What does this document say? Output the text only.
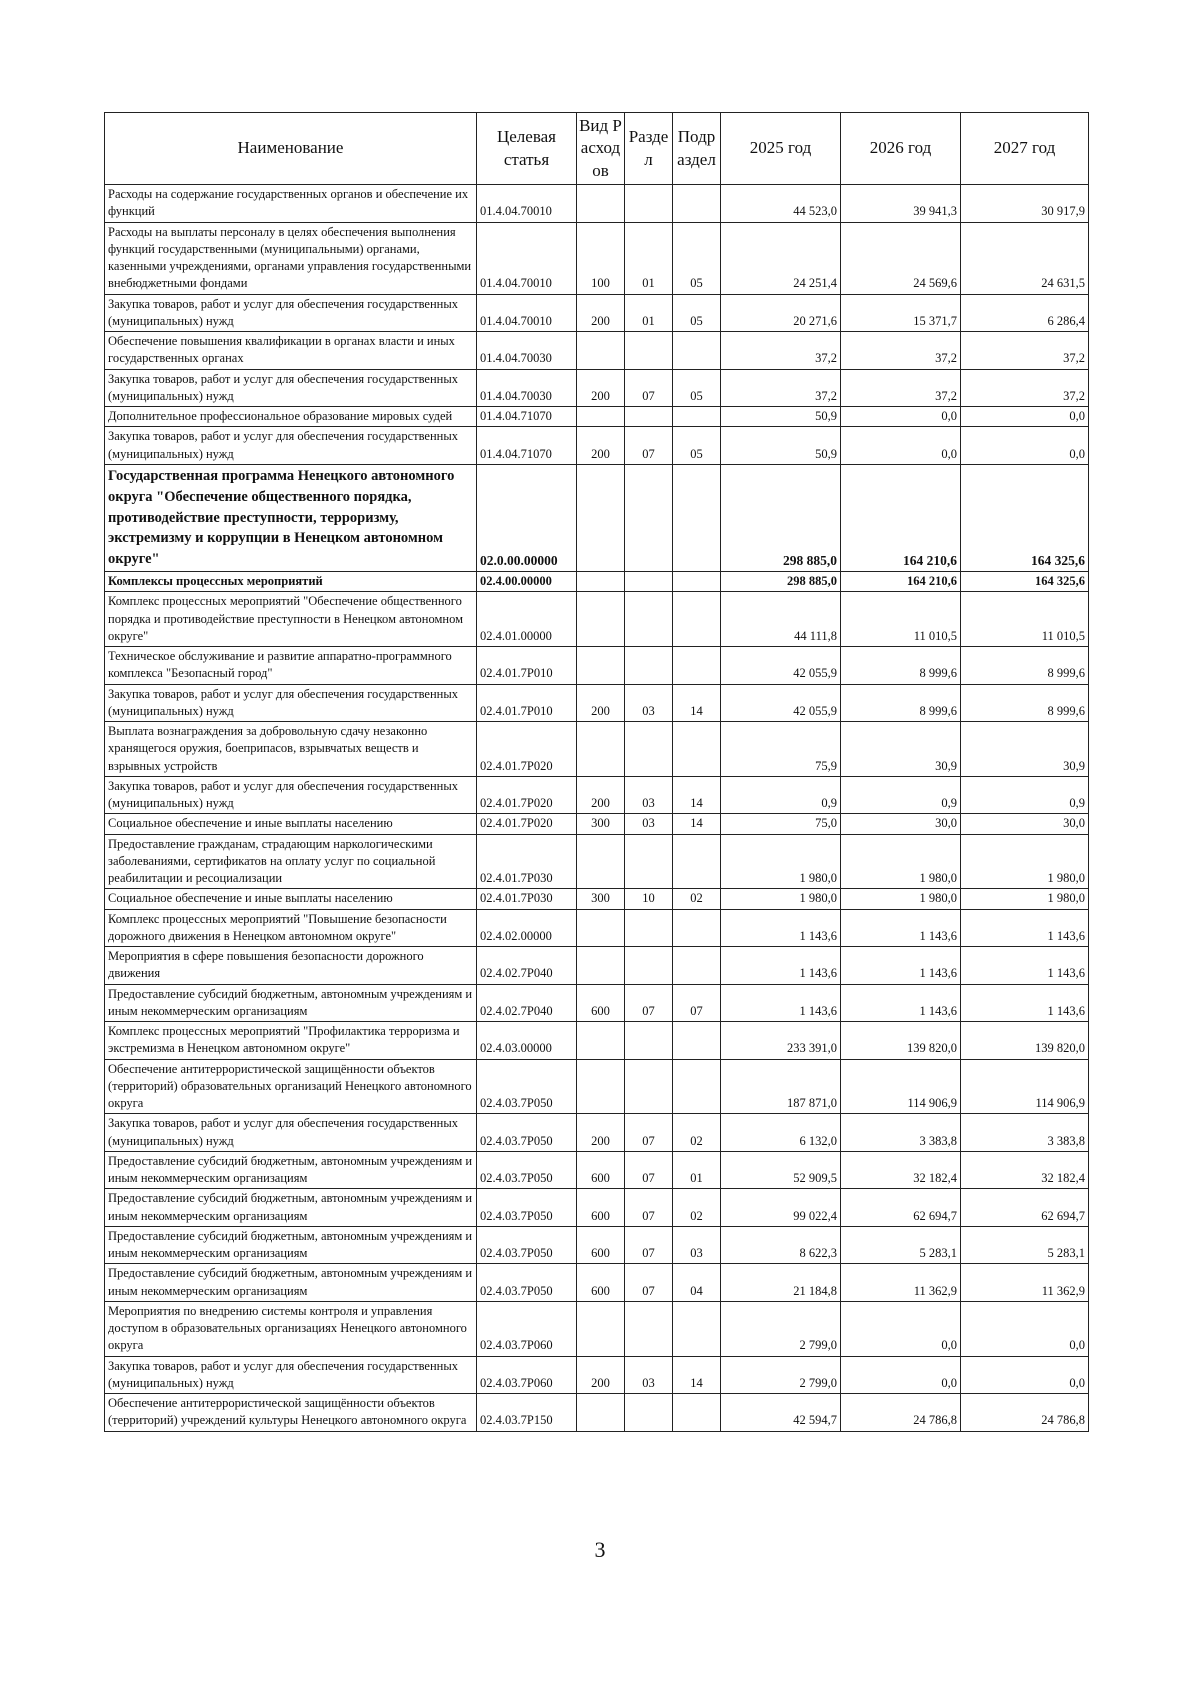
Наименование	Целевая статья	Вид Расходов	Раздел	Подраздел	2025 год	2026 год	2027 год
Расходы на содержание государственных органов и обеспечение их функций	01.4.04.70010				44 523,0	39 941,3	30 917,9
Расходы на выплаты персоналу в целях обеспечения выполнения функций государственными (муниципальными) органами, казенными учреждениями, органами управления государственными внебюджетными фондами	01.4.04.70010	100	01	05	24 251,4	24 569,6	24 631,5
Закупка товаров, работ и услуг для обеспечения государственных (муниципальных) нужд	01.4.04.70010	200	01	05	20 271,6	15 371,7	6 286,4
Обеспечение повышения квалификации в органах власти и иных государственных органах	01.4.04.70030				37,2	37,2	37,2
Закупка товаров, работ и услуг для обеспечения государственных (муниципальных) нужд	01.4.04.70030	200	07	05	37,2	37,2	37,2
Дополнительное профессиональное образование мировых судей	01.4.04.71070				50,9	0,0	0,0
Закупка товаров, работ и услуг для обеспечения государственных (муниципальных) нужд	01.4.04.71070	200	07	05	50,9	0,0	0,0
Государственная программа Ненецкого автономного округа "Обеспечение общественного порядка, противодействие преступности, терроризму, экстремизму и коррупции в Ненецком автономном округе"	02.0.00.00000				298 885,0	164 210,6	164 325,6
Комплексы процессных мероприятий	02.4.00.00000				298 885,0	164 210,6	164 325,6
Комплекс процессных мероприятий "Обеспечение общественного порядка и противодействие преступности в Ненецком автономном округе"	02.4.01.00000				44 111,8	11 010,5	11 010,5
Техническое обслуживание и развитие аппаратно-программного комплекса "Безопасный город"	02.4.01.7Р010				42 055,9	8 999,6	8 999,6
Закупка товаров, работ и услуг для обеспечения государственных (муниципальных) нужд	02.4.01.7Р010	200	03	14	42 055,9	8 999,6	8 999,6
Выплата вознаграждения за добровольную сдачу незаконно хранящегося оружия, боеприпасов, взрывчатых веществ и взрывных устройств	02.4.01.7Р020				75,9	30,9	30,9
Закупка товаров, работ и услуг для обеспечения государственных (муниципальных) нужд	02.4.01.7Р020	200	03	14	0,9	0,9	0,9
Социальное обеспечение и иные выплаты населению	02.4.01.7Р020	300	03	14	75,0	30,0	30,0
Предоставление гражданам, страдающим наркологическими заболеваниями, сертификатов на оплату услуг по социальной реабилитации и ресоциализации	02.4.01.7Р030				1 980,0	1 980,0	1 980,0
Социальное обеспечение и иные выплаты населению	02.4.01.7Р030	300	10	02	1 980,0	1 980,0	1 980,0
Комплекс процессных мероприятий "Повышение безопасности дорожного движения в Ненецком автономном округе"	02.4.02.00000				1 143,6	1 143,6	1 143,6
Мероприятия в сфере повышения безопасности дорожного движения	02.4.02.7Р040				1 143,6	1 143,6	1 143,6
Предоставление субсидий бюджетным, автономным учреждениям и иным некоммерческим организациям	02.4.02.7Р040	600	07	07	1 143,6	1 143,6	1 143,6
Комплекс процессных мероприятий "Профилактика терроризма и экстремизма в Ненецком автономном округе"	02.4.03.00000				233 391,0	139 820,0	139 820,0
Обеспечение антитеррористической защищённости объектов (территорий) образовательных организаций Ненецкого автономного округа	02.4.03.7Р050				187 871,0	114 906,9	114 906,9
Закупка товаров, работ и услуг для обеспечения государственных (муниципальных) нужд	02.4.03.7Р050	200	07	02	6 132,0	3 383,8	3 383,8
Предоставление субсидий бюджетным, автономным учреждениям и иным некоммерческим организациям	02.4.03.7Р050	600	07	01	52 909,5	32 182,4	32 182,4
Предоставление субсидий бюджетным, автономным учреждениям и иным некоммерческим организациям	02.4.03.7Р050	600	07	02	99 022,4	62 694,7	62 694,7
Предоставление субсидий бюджетным, автономным учреждениям и иным некоммерческим организациям	02.4.03.7Р050	600	07	03	8 622,3	5 283,1	5 283,1
Предоставление субсидий бюджетным, автономным учреждениям и иным некоммерческим организациям	02.4.03.7Р050	600	07	04	21 184,8	11 362,9	11 362,9
Мероприятия по внедрению системы контроля и управления доступом в образовательных организациях Ненецкого автономного округа	02.4.03.7Р060				2 799,0	0,0	0,0
Закупка товаров, работ и услуг для обеспечения государственных (муниципальных) нужд	02.4.03.7Р060	200	03	14	2 799,0	0,0	0,0
Обеспечение антитеррористической защищённости объектов (территорий) учреждений культуры Ненецкого автономного округа	02.4.03.7Р150				42 594,7	24 786,8	24 786,8
3
